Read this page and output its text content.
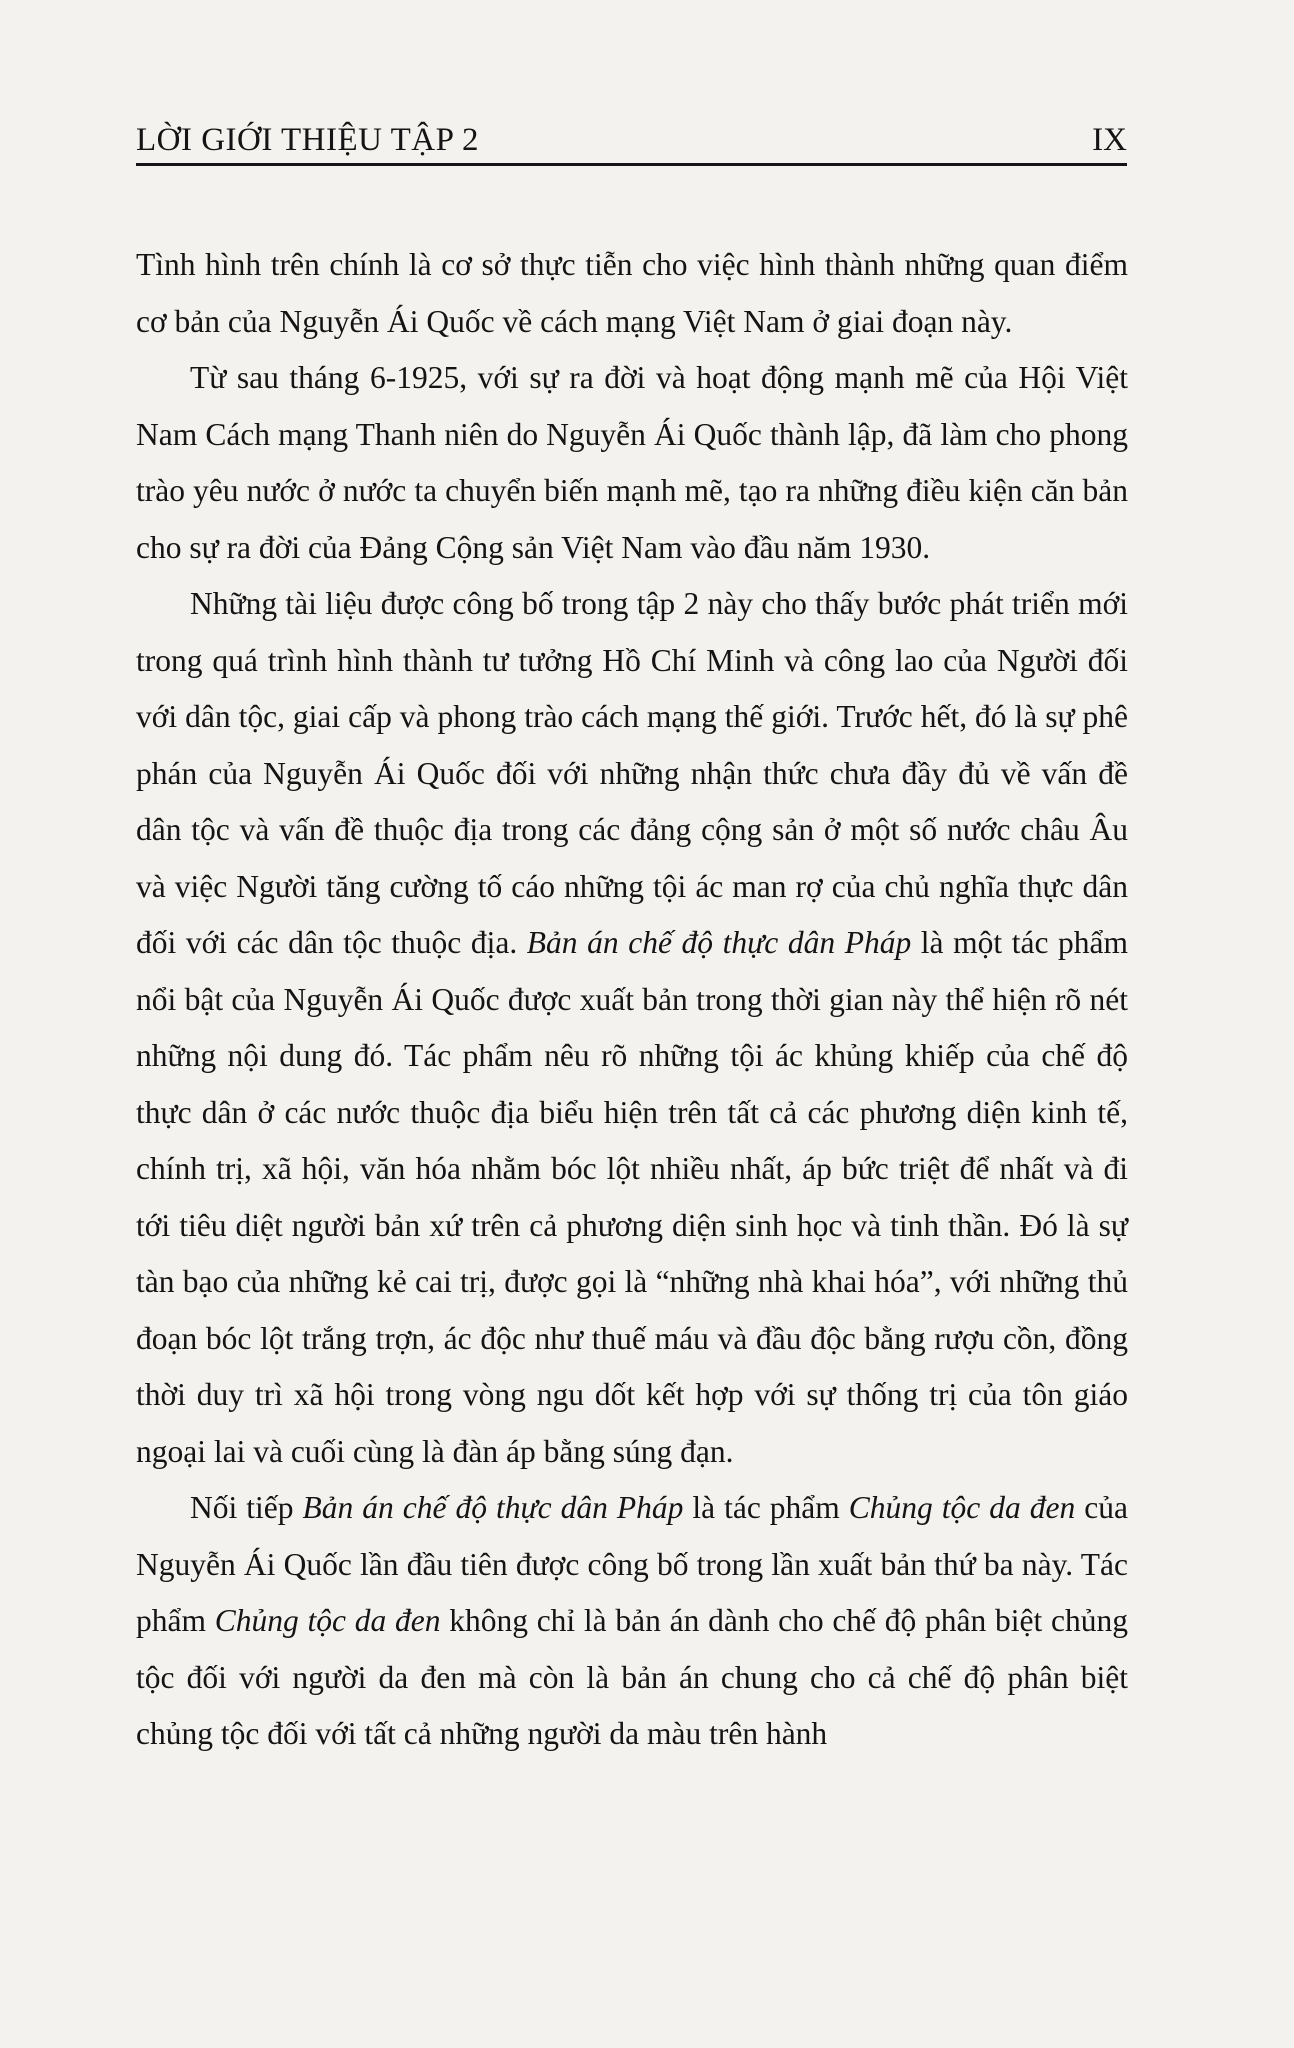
LỜI GIỚI THIỆU TẬP 2	IX

Tình hình trên chính là cơ sở thực tiễn cho việc hình thành những quan điểm cơ bản của Nguyễn Ái Quốc về cách mạng Việt Nam ở giai đoạn này.

Từ sau tháng 6-1925, với sự ra đời và hoạt động mạnh mẽ của Hội Việt Nam Cách mạng Thanh niên do Nguyễn Ái Quốc thành lập, đã làm cho phong trào yêu nước ở nước ta chuyển biến mạnh mẽ, tạo ra những điều kiện căn bản cho sự ra đời của Đảng Cộng sản Việt Nam vào đầu năm 1930.

Những tài liệu được công bố trong tập 2 này cho thấy bước phát triển mới trong quá trình hình thành tư tưởng Hồ Chí Minh và công lao của Người đối với dân tộc, giai cấp và phong trào cách mạng thế giới. Trước hết, đó là sự phê phán của Nguyễn Ái Quốc đối với những nhận thức chưa đầy đủ về vấn đề dân tộc và vấn đề thuộc địa trong các đảng cộng sản ở một số nước châu Âu và việc Người tăng cường tố cáo những tội ác man rợ của chủ nghĩa thực dân đối với các dân tộc thuộc địa. Bản án chế độ thực dân Pháp là một tác phẩm nổi bật của Nguyễn Ái Quốc được xuất bản trong thời gian này thể hiện rõ nét những nội dung đó. Tác phẩm nêu rõ những tội ác khủng khiếp của chế độ thực dân ở các nước thuộc địa biểu hiện trên tất cả các phương diện kinh tế, chính trị, xã hội, văn hóa nhằm bóc lột nhiều nhất, áp bức triệt để nhất và đi tới tiêu diệt người bản xứ trên cả phương diện sinh học và tinh thần. Đó là sự tàn bạo của những kẻ cai trị, được gọi là “những nhà khai hóa”, với những thủ đoạn bóc lột trắng trợn, ác độc như thuế máu và đầu độc bằng rượu cồn, đồng thời duy trì xã hội trong vòng ngu dốt kết hợp với sự thống trị của tôn giáo ngoại lai và cuối cùng là đàn áp bằng súng đạn.

Nối tiếp Bản án chế độ thực dân Pháp là tác phẩm Chủng tộc da đen của Nguyễn Ái Quốc lần đầu tiên được công bố trong lần xuất bản thứ ba này. Tác phẩm Chủng tộc da đen không chỉ là bản án dành cho chế độ phân biệt chủng tộc đối với người da đen mà còn là bản án chung cho cả chế độ phân biệt chủng tộc đối với tất cả những người da màu trên hành
